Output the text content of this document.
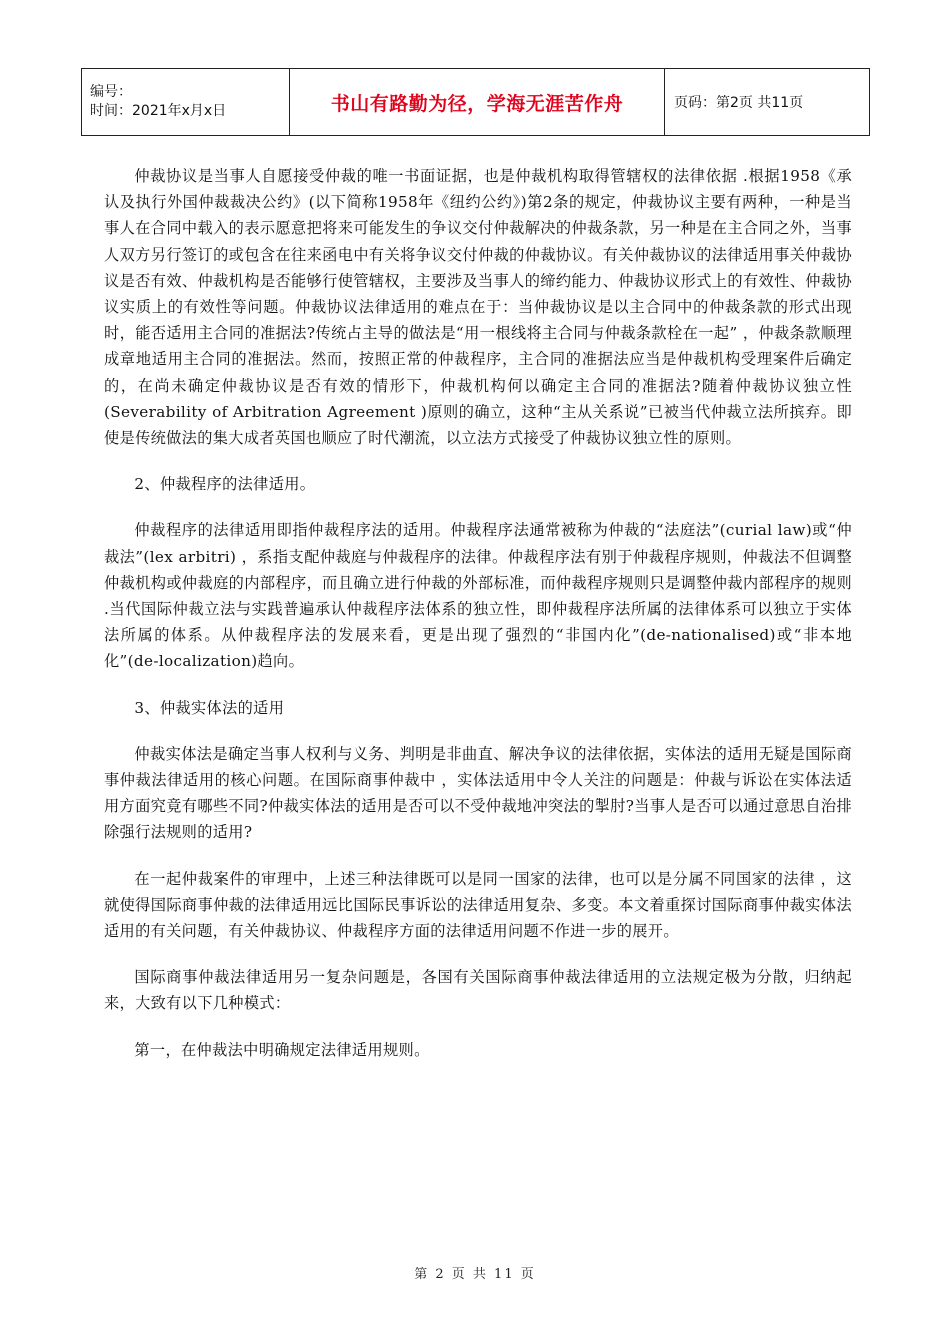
编号：
时间：2021年x月x日	书山有路勤为径，学海无涯苦作舟	页码：第2页 共11页

仲裁协议是当事人自愿接受仲裁的唯一书面证据，也是仲裁机构取得管辖权的法律依据 .根据1958《承认及执行外国仲裁裁决公约》(以下简称1958年《纽约公约》)第2条的规定，仲裁协议主要有两种，一种是当事人在合同中载入的表示愿意把将来可能发生的争议交付仲裁解决的仲裁条款，另一种是在主合同之外，当事人双方另行签订的或包含在往来函电中有关将争议交付仲裁的仲裁协议。有关仲裁协议的法律适用事关仲裁协议是否有效、仲裁机构是否能够行使管辖权，主要涉及当事人的缔约能力、仲裁协议形式上的有效性、仲裁协议实质上的有效性等问题。仲裁协议法律适用的难点在于：当仲裁协议是以主合同中的仲裁条款的形式出现时，能否适用主合同的准据法?传统占主导的做法是“用一根线将主合同与仲裁条款栓在一起” ，仲裁条款顺理成章地适用主合同的准据法。然而，按照正常的仲裁程序，主合同的准据法应当是仲裁机构受理案件后确定的，在尚未确定仲裁协议是否有效的情形下，仲裁机构何以确定主合同的准据法?随着仲裁协议独立性(Severability of Arbitration Agreement )原则的确立，这种“主从关系说”已被当代仲裁立法所摈弃。即使是传统做法的集大成者英国也顺应了时代潮流，以立法方式接受了仲裁协议独立性的原则。

2、仲裁程序的法律适用。

仲裁程序的法律适用即指仲裁程序法的适用。仲裁程序法通常被称为仲裁的“法庭法”(curial law)或“仲裁法”(lex arbitri) ，系指支配仲裁庭与仲裁程序的法律。仲裁程序法有别于仲裁程序规则，仲裁法不但调整仲裁机构或仲裁庭的内部程序，而且确立进行仲裁的外部标准，而仲裁程序规则只是调整仲裁内部程序的规则 .当代国际仲裁立法与实践普遍承认仲裁程序法体系的独立性，即仲裁程序法所属的法律体系可以独立于实体法所属的体系。从仲裁程序法的发展来看，更是出现了强烈的“非国内化”(de-nationalised)或“非本地化”(de-localization)趋向。

3、仲裁实体法的适用

仲裁实体法是确定当事人权利与义务、判明是非曲直、解决争议的法律依据，实体法的适用无疑是国际商事仲裁法律适用的核心问题。在国际商事仲裁中 ，实体法适用中令人关注的问题是：仲裁与诉讼在实体法适用方面究竟有哪些不同?仲裁实体法的适用是否可以不受仲裁地冲突法的掣肘?当事人是否可以通过意思自治排除强行法规则的适用?

在一起仲裁案件的审理中，上述三种法律既可以是同一国家的法律，也可以是分属不同国家的法律 ，这就使得国际商事仲裁的法律适用远比国际民事诉讼的法律适用复杂、多变。本文着重探讨国际商事仲裁实体法适用的有关问题，有关仲裁协议、仲裁程序方面的法律适用问题不作进一步的展开。

国际商事仲裁法律适用另一复杂问题是，各国有关国际商事仲裁法律适用的立法规定极为分散，归纳起来，大致有以下几种模式：

第一，在仲裁法中明确规定法律适用规则。

第 2 页 共 11 页
